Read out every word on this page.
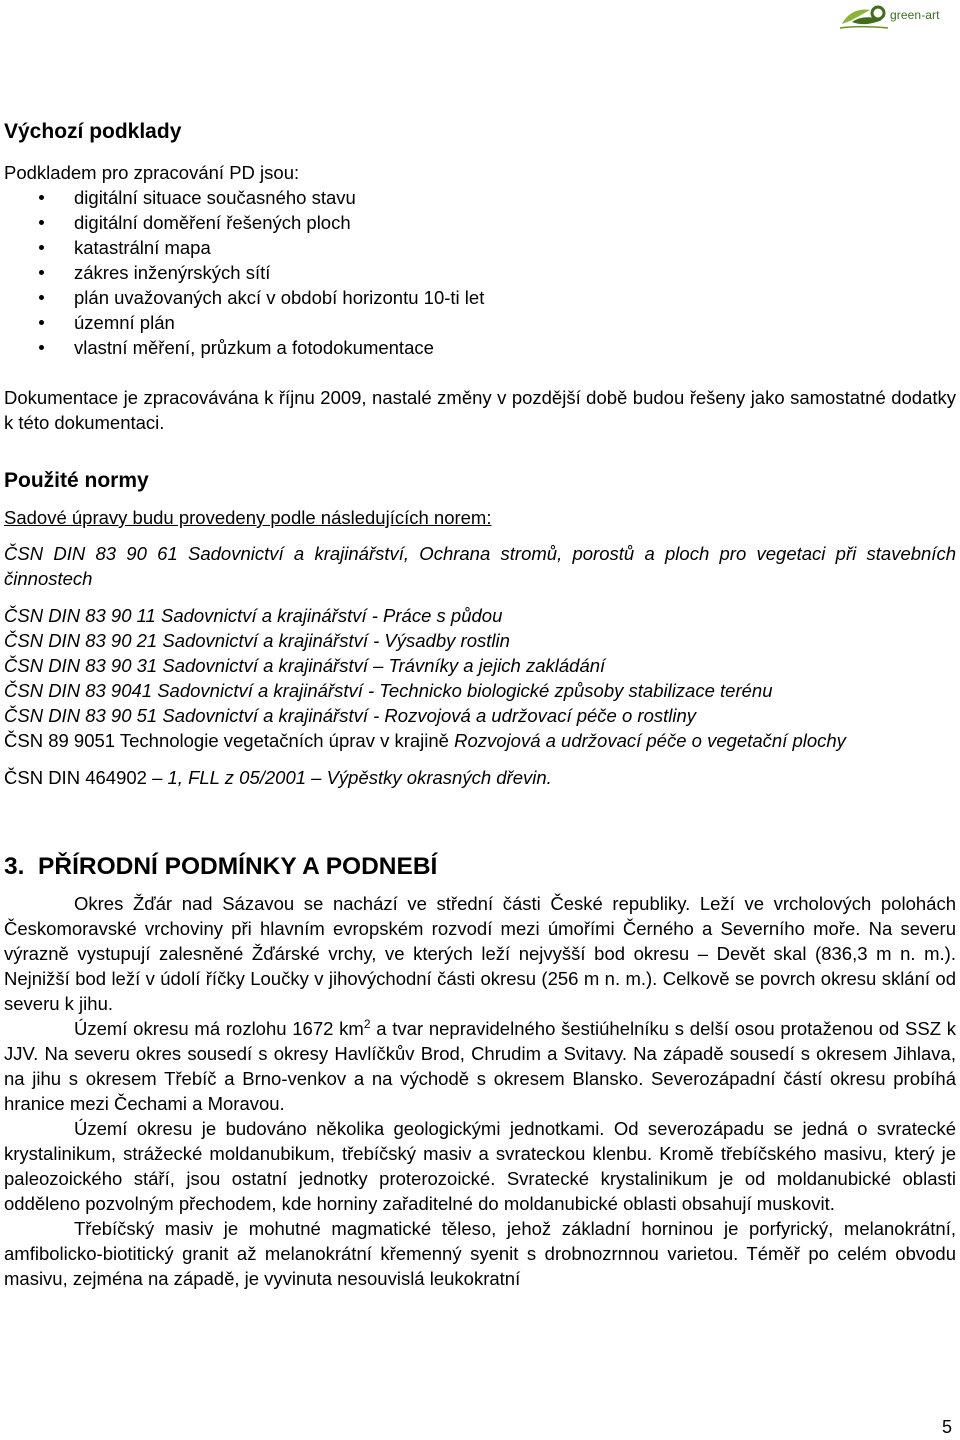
green-art
Výchozí podklady

Podkladem pro zpracování PD jsou:

digitální situace současného stavu
digitální doměření řešených ploch
katastrální mapa
zákres inženýrských sítí
plán uvažovaných akcí v období horizontu 10-ti let
územní plán
vlastní měření, průzkum a fotodokumentace

Dokumentace je zpracovávána k říjnu 2009, nastalé změny v pozdější době budou řešeny jako samostatné dodatky k této dokumentaci.

Použité normy

Sadové úpravy budu provedeny podle následujících norem:

ČSN DIN 83 90 61 Sadovnictví a krajinářství, Ochrana stromů, porostů a ploch pro vegetaci při stavebních činnostech

ČSN DIN 83 90 11 Sadovnictví a krajinářství - Práce s půdou

ČSN DIN 83 90 21 Sadovnictví a krajinářství - Výsadby rostlin

ČSN DIN 83 90 31 Sadovnictví a krajinářství – Trávníky a jejich zakládání

ČSN DIN 83 9041 Sadovnictví a krajinářství - Technicko biologické způsoby stabilizace terénu

ČSN DIN 83 90 51 Sadovnictví a krajinářství - Rozvojová a udržovací péče o rostliny

ČSN 89 9051 Technologie vegetačních úprav v krajině Rozvojová a udržovací péče o vegetační plochy

ČSN DIN 464902 – 1, FLL z 05/2001 – Výpěstky okrasných dřevin.

3.  PŘÍRODNÍ PODMÍNKY A PODNEBÍ

Okres Žďár nad Sázavou se nachází ve střední části České republiky. Leží ve vrcholových polohách Českomoravské vrchoviny při hlavním evropském rozvodí mezi úmořími Černého a Severního moře. Na severu výrazně vystupují zalesněné Žďárské vrchy, ve kterých leží nejvyšší bod okresu – Devět skal (836,3 m n. m.). Nejnižší bod leží v údolí říčky Loučky v jihovýchodní části okresu (256 m n. m.). Celkově se povrch okresu sklání od severu k jihu.

Území okresu má rozlohu 1672 $km^2$ a tvar nepravidelného šestiúhelníku s delší osou protaženou od SSZ k JJV. Na severu okres sousedí s okresy Havlíčkův Brod, Chrudim a Svitavy. Na západě sousedí s okresem Jihlava, na jihu s okresem Třebíč a Brno-venkov a na východě s okresem Blansko. Severozápadní částí okresu probíhá hranice mezi Čechami a Moravou.

Území okresu je budováno několika geologickými jednotkami. Od severozápadu se jedná o svratecké krystalinikum, strážecké moldanubikum, třebíčský masiv a svrateckou klenbu. Kromě třebíčského masivu, který je paleozoického stáří, jsou ostatní jednotky proterozoické. Svratecké krystalinikum je od moldanubické oblasti odděleno pozvolným přechodem, kde horniny zařaditelné do moldanubické oblasti obsahují muskovit.

Třebíčský masiv je mohutné magmatické těleso, jehož základní horninou je porfyrický, melanokrátní, amfibolicko-biotitický granit až melanokrátní křemenný syenit s drobnozrnnou varietou. Téměř po celém obvodu masivu, zejména na západě, je vyvinuta nesouvislá leukokratní

5
